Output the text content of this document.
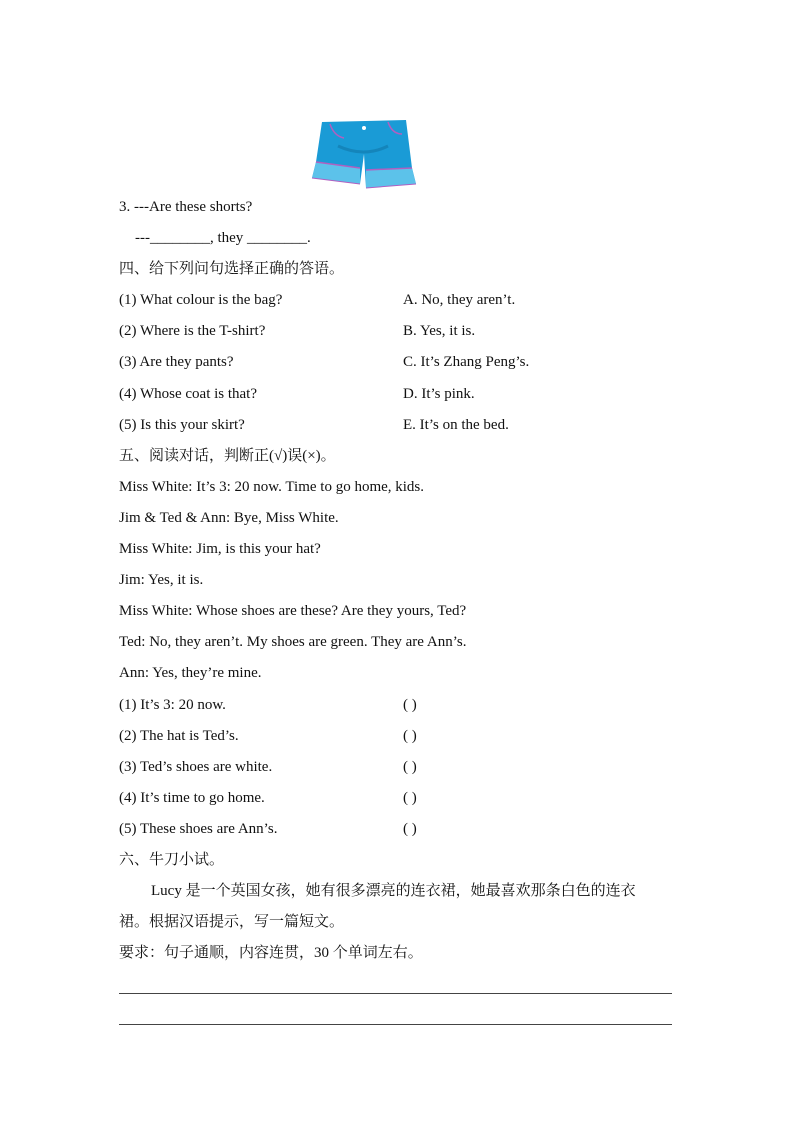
3. ---Are these shorts?
---________, they ________.
四、给下列问句选择正确的答语。
(1) What colour is the bag?	A. No, they aren’t.
(2) Where is the T-shirt?	B. Yes, it is.
(3) Are they pants?	C. It’s Zhang Peng’s.
(4) Whose coat is that?	D. It’s pink.
(5) Is this your skirt?	E. It’s on the bed.
五、阅读对话，判断正(√)误(×)。
Miss White: It’s 3: 20 now. Time to go home, kids.
Jim & Ted & Ann: Bye, Miss White.
Miss White: Jim, is this your hat?
Jim: Yes, it is.
Miss White: Whose shoes are these? Are they yours, Ted?
Ted: No, they aren’t. My shoes are green. They are Ann’s.
Ann: Yes, they’re mine.
(1) It’s 3: 20 now.	( )
(2) The hat is Ted’s.	( )
(3) Ted’s shoes are white.	( )
(4) It’s time to go home.	( )
(5) These shoes are Ann’s.	( )
六、牛刀小试。
Lucy 是一个英国女孩，她有很多漂亮的连衣裙，她最喜欢那条白色的连衣
裙。根据汉语提示，写一篇短文。
要求：句子通顺，内容连贯，30 个单词左右。
